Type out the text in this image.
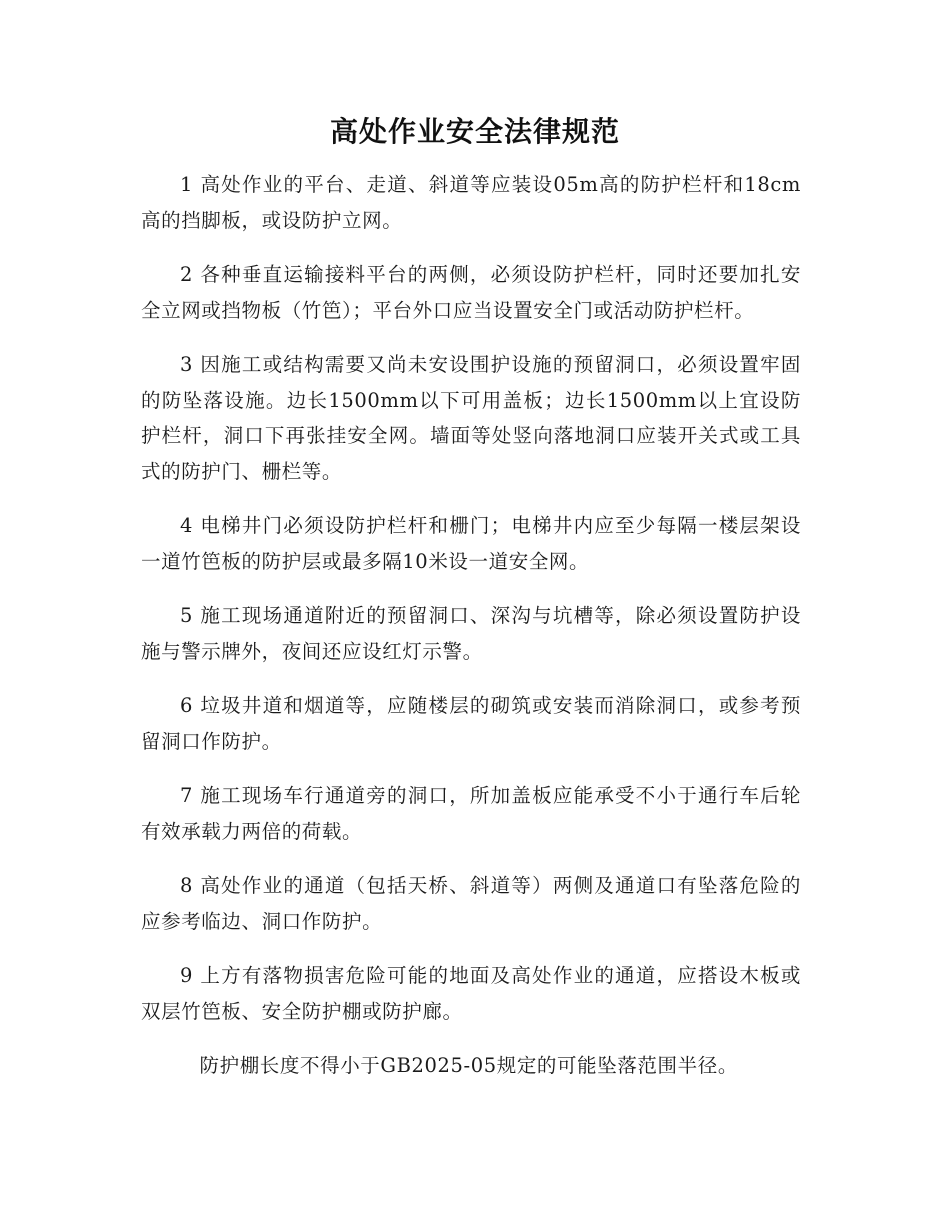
高处作业安全法律规范

1 高处作业的平台、走道、斜道等应装设05m高的防护栏杆和18cm高的挡脚板，或设防护立网。

2 各种垂直运输接料平台的两侧，必须设防护栏杆，同时还要加扎安全立网或挡物板（竹笆）；平台外口应当设置安全门或活动防护栏杆。

3 因施工或结构需要又尚未安设围护设施的预留洞口，必须设置牢固的防坠落设施。边长1500mm以下可用盖板；边长1500mm以上宜设防护栏杆，洞口下再张挂安全网。墙面等处竖向落地洞口应装开关式或工具式的防护门、栅栏等。

4 电梯井门必须设防护栏杆和栅门；电梯井内应至少每隔一楼层架设一道竹笆板的防护层或最多隔10米设一道安全网。

5 施工现场通道附近的预留洞口、深沟与坑槽等，除必须设置防护设施与警示牌外，夜间还应设红灯示警。

6 垃圾井道和烟道等，应随楼层的砌筑或安装而消除洞口，或参考预留洞口作防护。

7 施工现场车行通道旁的洞口，所加盖板应能承受不小于通行车后轮有效承载力两倍的荷载。

8 高处作业的通道（包括天桥、斜道等）两侧及通道口有坠落危险的应参考临边、洞口作防护。

9 上方有落物损害危险可能的地面及高处作业的通道，应搭设木板或双层竹笆板、安全防护棚或防护廊。

防护棚长度不得小于GB2025-05规定的可能坠落范围半径。
